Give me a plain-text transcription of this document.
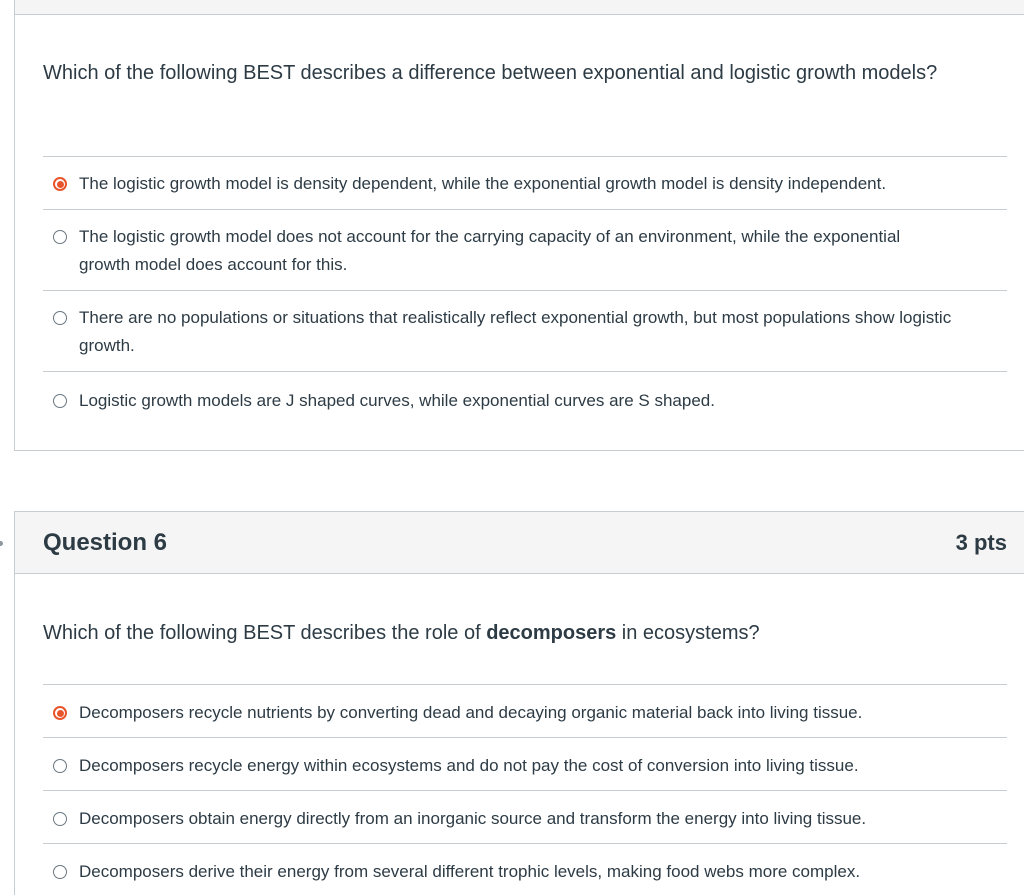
Which of the following BEST describes a difference between exponential and logistic growth models?
The logistic growth model is density dependent, while the exponential growth model is density independent.
The logistic growth model does not account for the carrying capacity of an environment, while the exponential growth model does account for this.
There are no populations or situations that realistically reflect exponential growth, but most populations show logistic growth.
Logistic growth models are J shaped curves, while exponential curves are S shaped.
Question 6	3 pts
Which of the following BEST describes the role of decomposers in ecosystems?
Decomposers recycle nutrients by converting dead and decaying organic material back into living tissue.
Decomposers recycle energy within ecosystems and do not pay the cost of conversion into living tissue.
Decomposers obtain energy directly from an inorganic source and transform the energy into living tissue.
Decomposers derive their energy from several different trophic levels, making food webs more complex.
